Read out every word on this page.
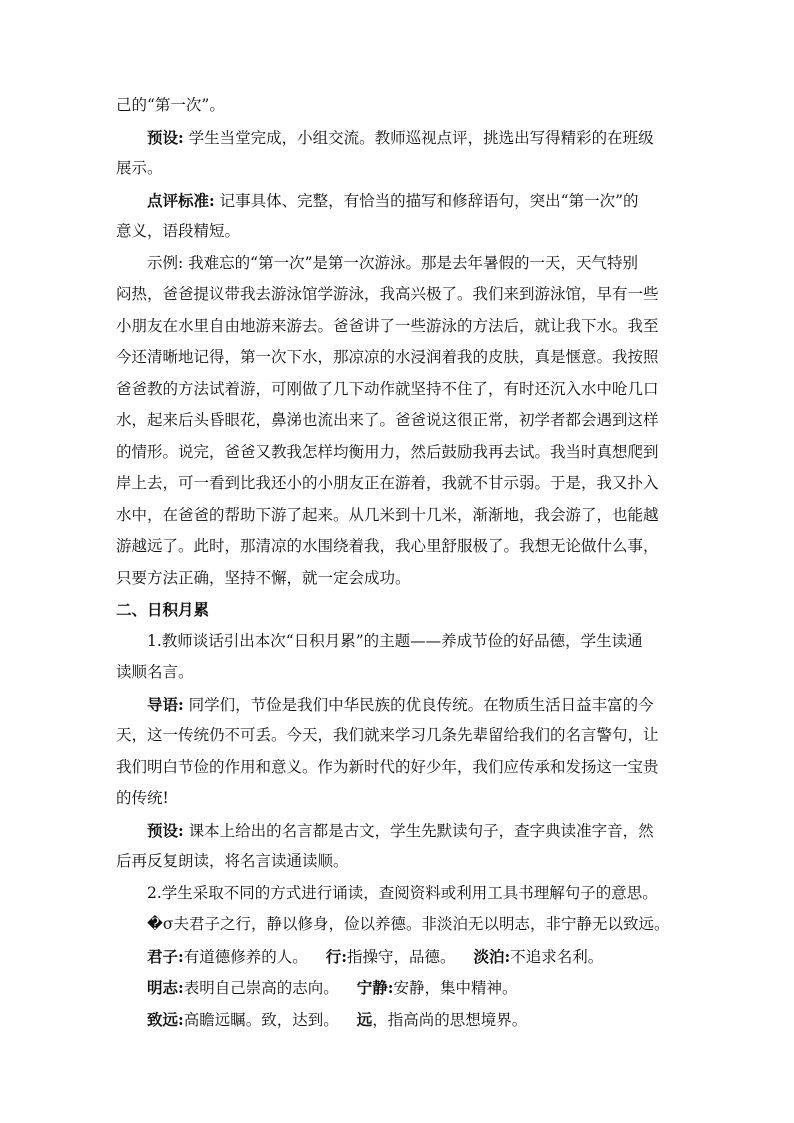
己的“第一次”。
预设: 学生当堂完成，小组交流。教师巡视点评，挑选出写得精彩的在班级
展示。
点评标准: 记事具体、完整，有恰当的描写和修辞语句，突出“第一次”的
意义，语段精短。
示例: 我难忘的“第一次”是第一次游泳。那是去年暑假的一天，天气特别
闷热，爸爸提议带我去游泳馆学游泳，我高兴极了。我们来到游泳馆，早有一些
小朋友在水里自由地游来游去。爸爸讲了一些游泳的方法后，就让我下水。我至
今还清晰地记得，第一次下水，那凉凉的水浸润着我的皮肤，真是惬意。我按照
爸爸教的方法试着游，可刚做了几下动作就坚持不住了，有时还沉入水中呛几口
水，起来后头昏眼花，鼻涕也流出来了。爸爸说这很正常，初学者都会遇到这样
的情形。说完，爸爸又教我怎样均衡用力，然后鼓励我再去试。我当时真想爬到
岸上去，可一看到比我还小的小朋友正在游着，我就不甘示弱。于是，我又扑入
水中，在爸爸的帮助下游了起来。从几米到十几米，渐渐地，我会游了，也能越
游越远了。此时，那清凉的水围绕着我，我心里舒服极了。我想无论做什么事，
只要方法正确，坚持不懈，就一定会成功。
二、日积月累
1.教师谈话引出本次“日积月累”的主题——养成节俭的好品德，学生读通
读顺名言。
导语: 同学们，节俭是我们中华民族的优良传统。在物质生活日益丰富的今
天，这一传统仍不可丢。今天，我们就来学习几条先辈留给我们的名言警句，让
我们明白节俭的作用和意义。作为新时代的好少年，我们应传承和发扬这一宝贵
的传统!
预设: 课本上给出的名言都是古文，学生先默读句子，查字典读准字音，然
后再反复朗读，将名言读通读顺。
2.学生采取不同的方式进行诵读，查阅资料或利用工具书理解句子的意思。
�σ夫君子之行，静以修身，俭以养德。非淡泊无以明志，非宁静无以致远。
君子:有道德修养的人。 行:指操守，品德。 淡泊:不追求名利。
明志:表明自己崇高的志向。 宁静:安静，集中精神。
致远:高瞻远瞩。致，达到。 远，指高尚的思想境界。
